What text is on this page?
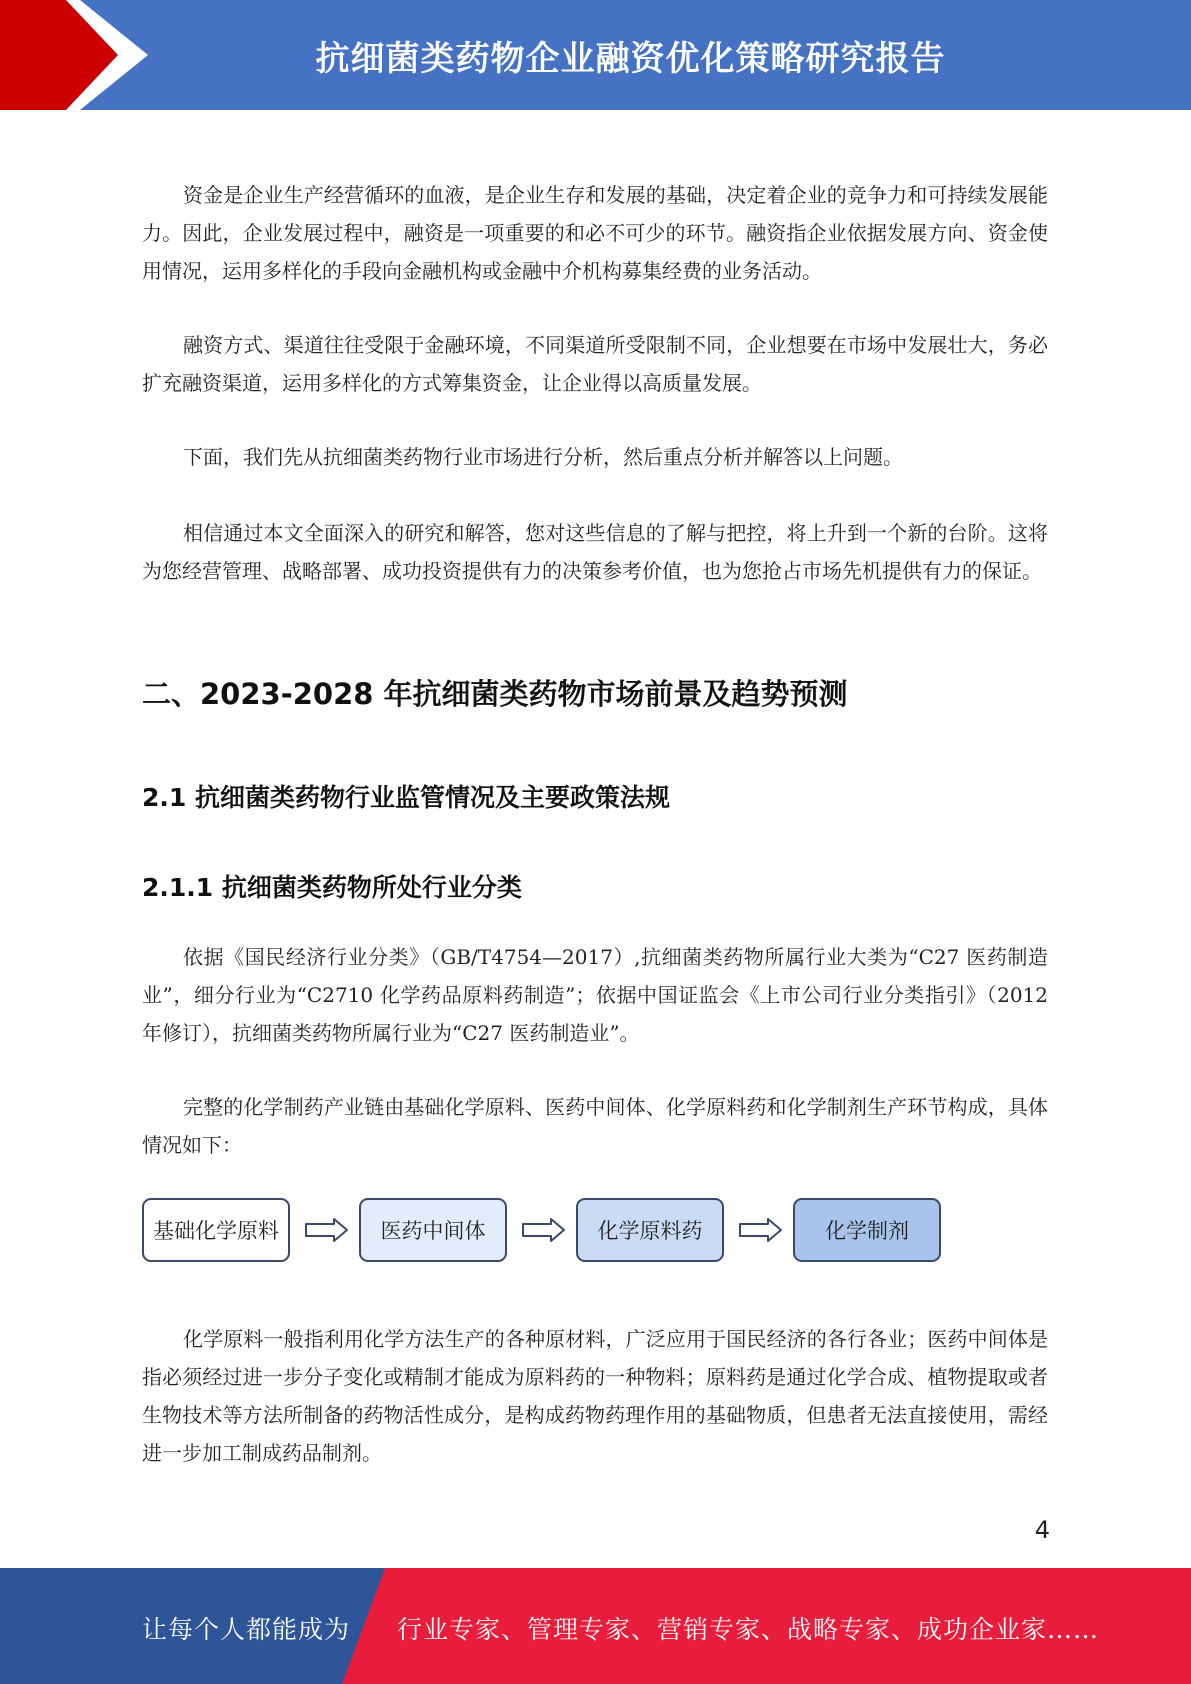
抗细菌类药物企业融资优化策略研究报告

资金是企业生产经营循环的血液，是企业生存和发展的基础，决定着企业的竞争力和可持续发展能力。因此，企业发展过程中，融资是一项重要的和必不可少的环节。融资指企业依据发展方向、资金使用情况，运用多样化的手段向金融机构或金融中介机构募集经费的业务活动。

融资方式、渠道往往受限于金融环境，不同渠道所受限制不同，企业想要在市场中发展壮大，务必扩充融资渠道，运用多样化的方式筹集资金，让企业得以高质量发展。

下面，我们先从抗细菌类药物行业市场进行分析，然后重点分析并解答以上问题。

相信通过本文全面深入的研究和解答，您对这些信息的了解与把控，将上升到一个新的台阶。这将为您经营管理、战略部署、成功投资提供有力的决策参考价值，也为您抢占市场先机提供有力的保证。

二、2023-2028 年抗细菌类药物市场前景及趋势预测
2.1 抗细菌类药物行业监管情况及主要政策法规
2.1.1 抗细菌类药物所处行业分类

依据《国民经济行业分类》（GB/T4754—2017）,抗细菌类药物所属行业大类为“C27 医药制造业”，细分行业为“C2710 化学药品原料药制造”；依据中国证监会《上市公司行业分类指引》（2012 年修订），抗细菌类药物所属行业为“C27 医药制造业”。

完整的化学制药产业链由基础化学原料、医药中间体、化学原料药和化学制剂生产环节构成，具体情况如下：

化学原料一般指利用化学方法生产的各种原材料，广泛应用于国民经济的各行各业；医药中间体是指必须经过进一步分子变化或精制才能成为原料药的一种物料；原料药是通过化学合成、植物提取或者生物技术等方法所制备的药物活性成分，是构成药物药理作用的基础物质，但患者无法直接使用，需经进一步加工制成药品制剂。

基础化学原料	医药中间体	化学原料药	化学制剂
4
让每个人都能成为 行业专家、管理专家、营销专家、战略专家、成功企业家……
